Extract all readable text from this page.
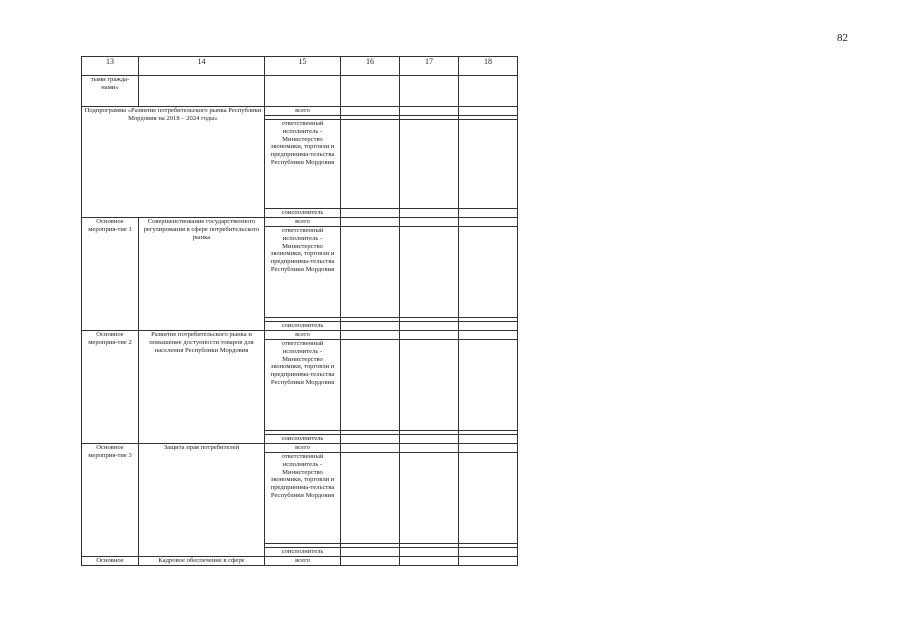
82
13	14	15	16	17	18
тыми гражда-нами»					
Подпрограмма «Развитие потребительского рынка Республики Мордовия на 2018 – 2024 годы»		всего			

		ответственный исполнитель - Министерство экономики, торговли и предпринима-тельства Республики Мордовия			
		соисполнитель			
Основное мероприя-тие 1	Совершенствование государственного регулирования в сфере потребительского рынка	всего			
		ответственный исполнитель - Министерство экономики, торговли и предпринима-тельства Республики Мордовия			

		соисполнитель			
Основное мероприя-тие 2	Развитие потребительского рынка и повышение доступности товаров для населения Республики Мордовия	всего			
		ответственный исполнитель - Министерство экономики, торговли и предпринима-тельства Республики Мордовия			

		соисполнитель			
Основное мероприя-тие 3	Защита прав потребителей	всего			
		ответственный исполнитель - Министерство экономики, торговли и предпринима-тельства Республики Мордовия			

		соисполнитель			
Основное	Кадровое обеспечение в сфере	всего			
